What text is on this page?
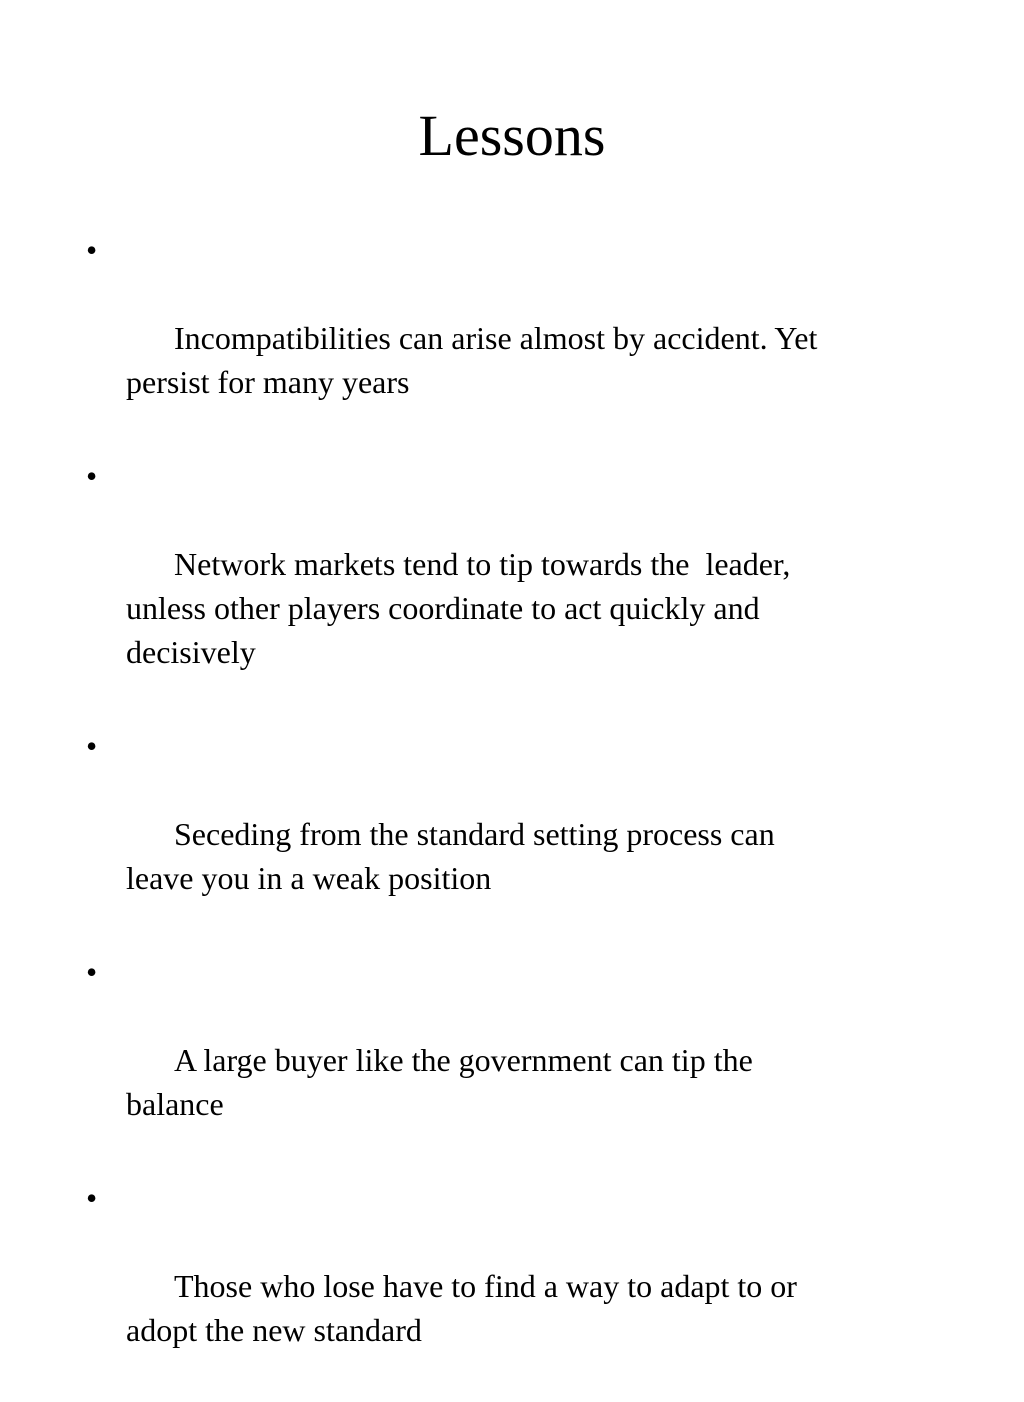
Lessons

•

Incompatibilities can arise almost by accident. Yet
persist for many years

•

Network markets tend to tip towards the  leader,
unless other players coordinate to act quickly and
decisively

•

Seceding from the standard setting process can
leave you in a weak position

•

A large buyer like the government can tip the
balance

•

Those who lose have to find a way to adapt to or
adopt the new standard
